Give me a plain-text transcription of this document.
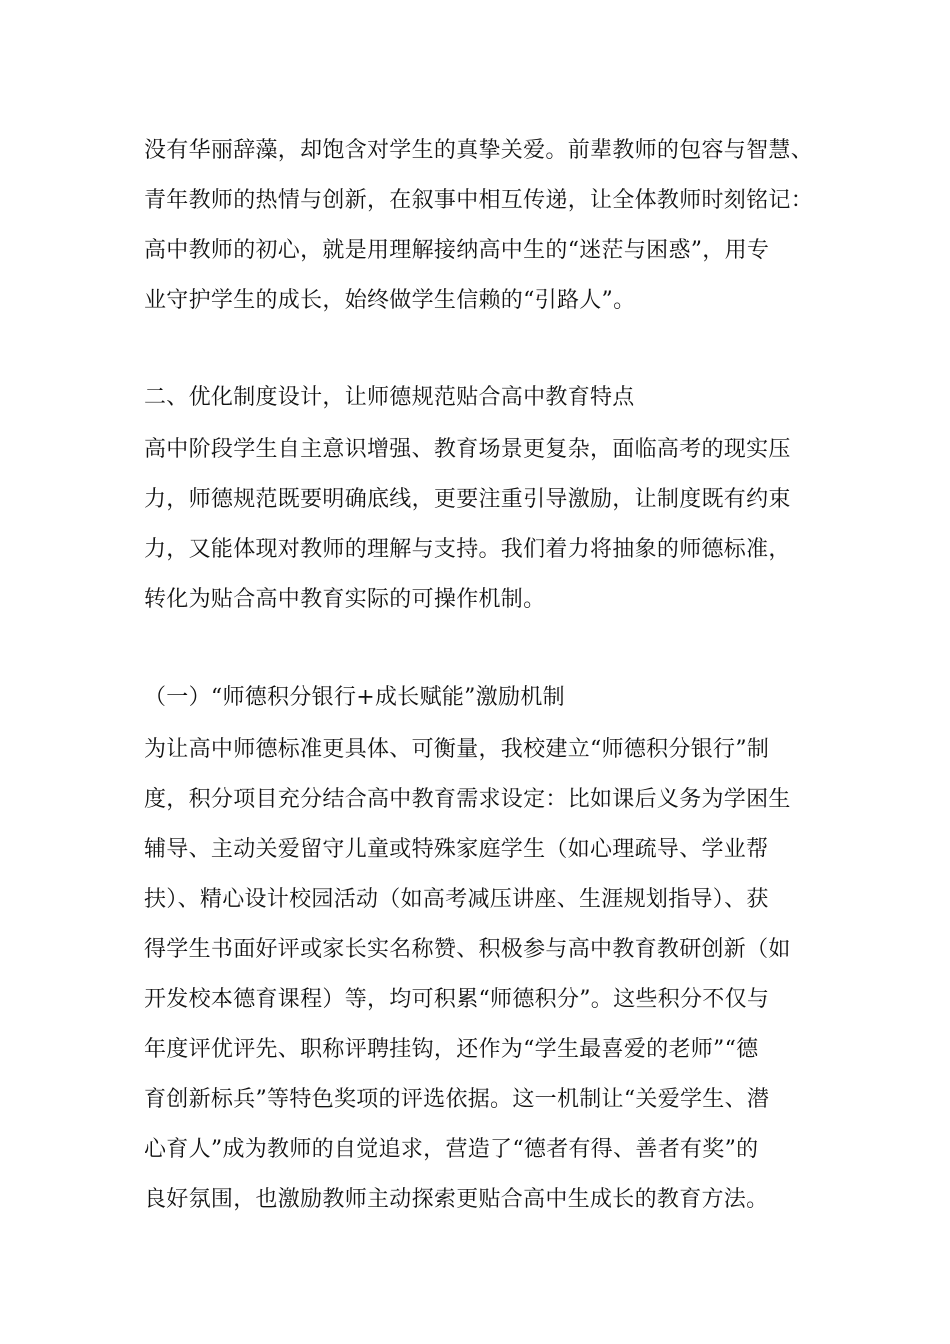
没有华丽辞藻，却饱含对学生的真挚关爱。前辈教师的包容与智慧、

青年教师的热情与创新，在叙事中相互传递，让全体教师时刻铭记：

高中教师的初心，就是用理解接纳高中生的“迷茫与困惑”，用专

业守护学生的成长，始终做学生信赖的“引路人”。

二、优化制度设计，让师德规范贴合高中教育特点

高中阶段学生自主意识增强、教育场景更复杂，面临高考的现实压

力，师德规范既要明确底线，更要注重引导激励，让制度既有约束

力，又能体现对教师的理解与支持。我们着力将抽象的师德标准，

转化为贴合高中教育实际的可操作机制。

（一）“师德积分银行+成长赋能”激励机制

为让高中师德标准更具体、可衡量，我校建立“师德积分银行”制

度，积分项目充分结合高中教育需求设定：比如课后义务为学困生

辅导、主动关爱留守儿童或特殊家庭学生（如心理疏导、学业帮

扶）、精心设计校园活动（如高考减压讲座、生涯规划指导）、获

得学生书面好评或家长实名称赞、积极参与高中教育教研创新（如

开发校本德育课程）等，均可积累“师德积分”。这些积分不仅与

年度评优评先、职称评聘挂钩，还作为“学生最喜爱的老师”“德

育创新标兵”等特色奖项的评选依据。这一机制让“关爱学生、潜

心育人”成为教师的自觉追求，营造了“德者有得、善者有奖”的

良好氛围，也激励教师主动探索更贴合高中生成长的教育方法。
